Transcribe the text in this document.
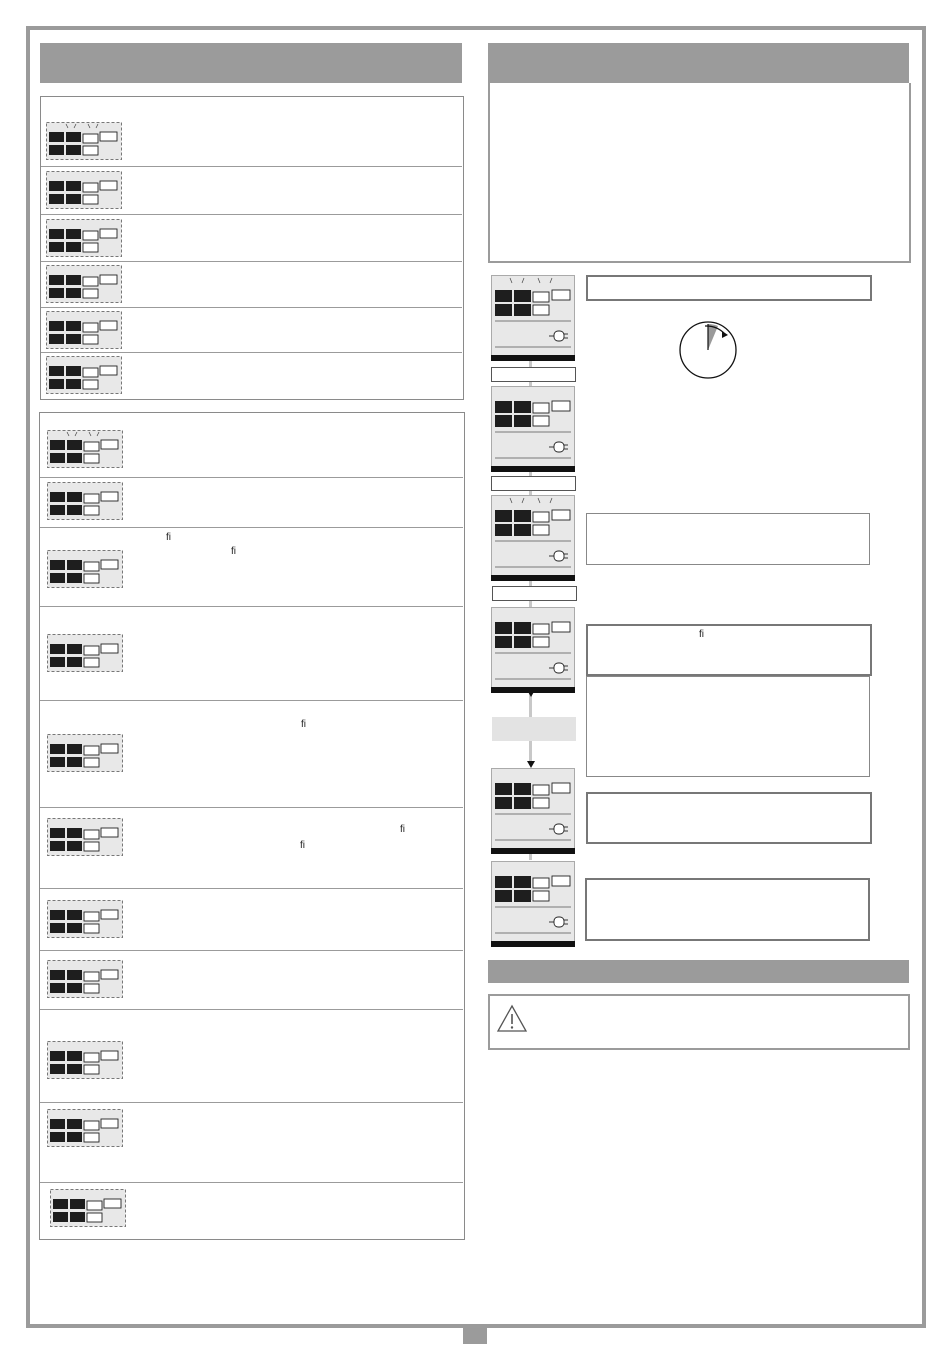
fi
fi
fi
fi
fi
fi
